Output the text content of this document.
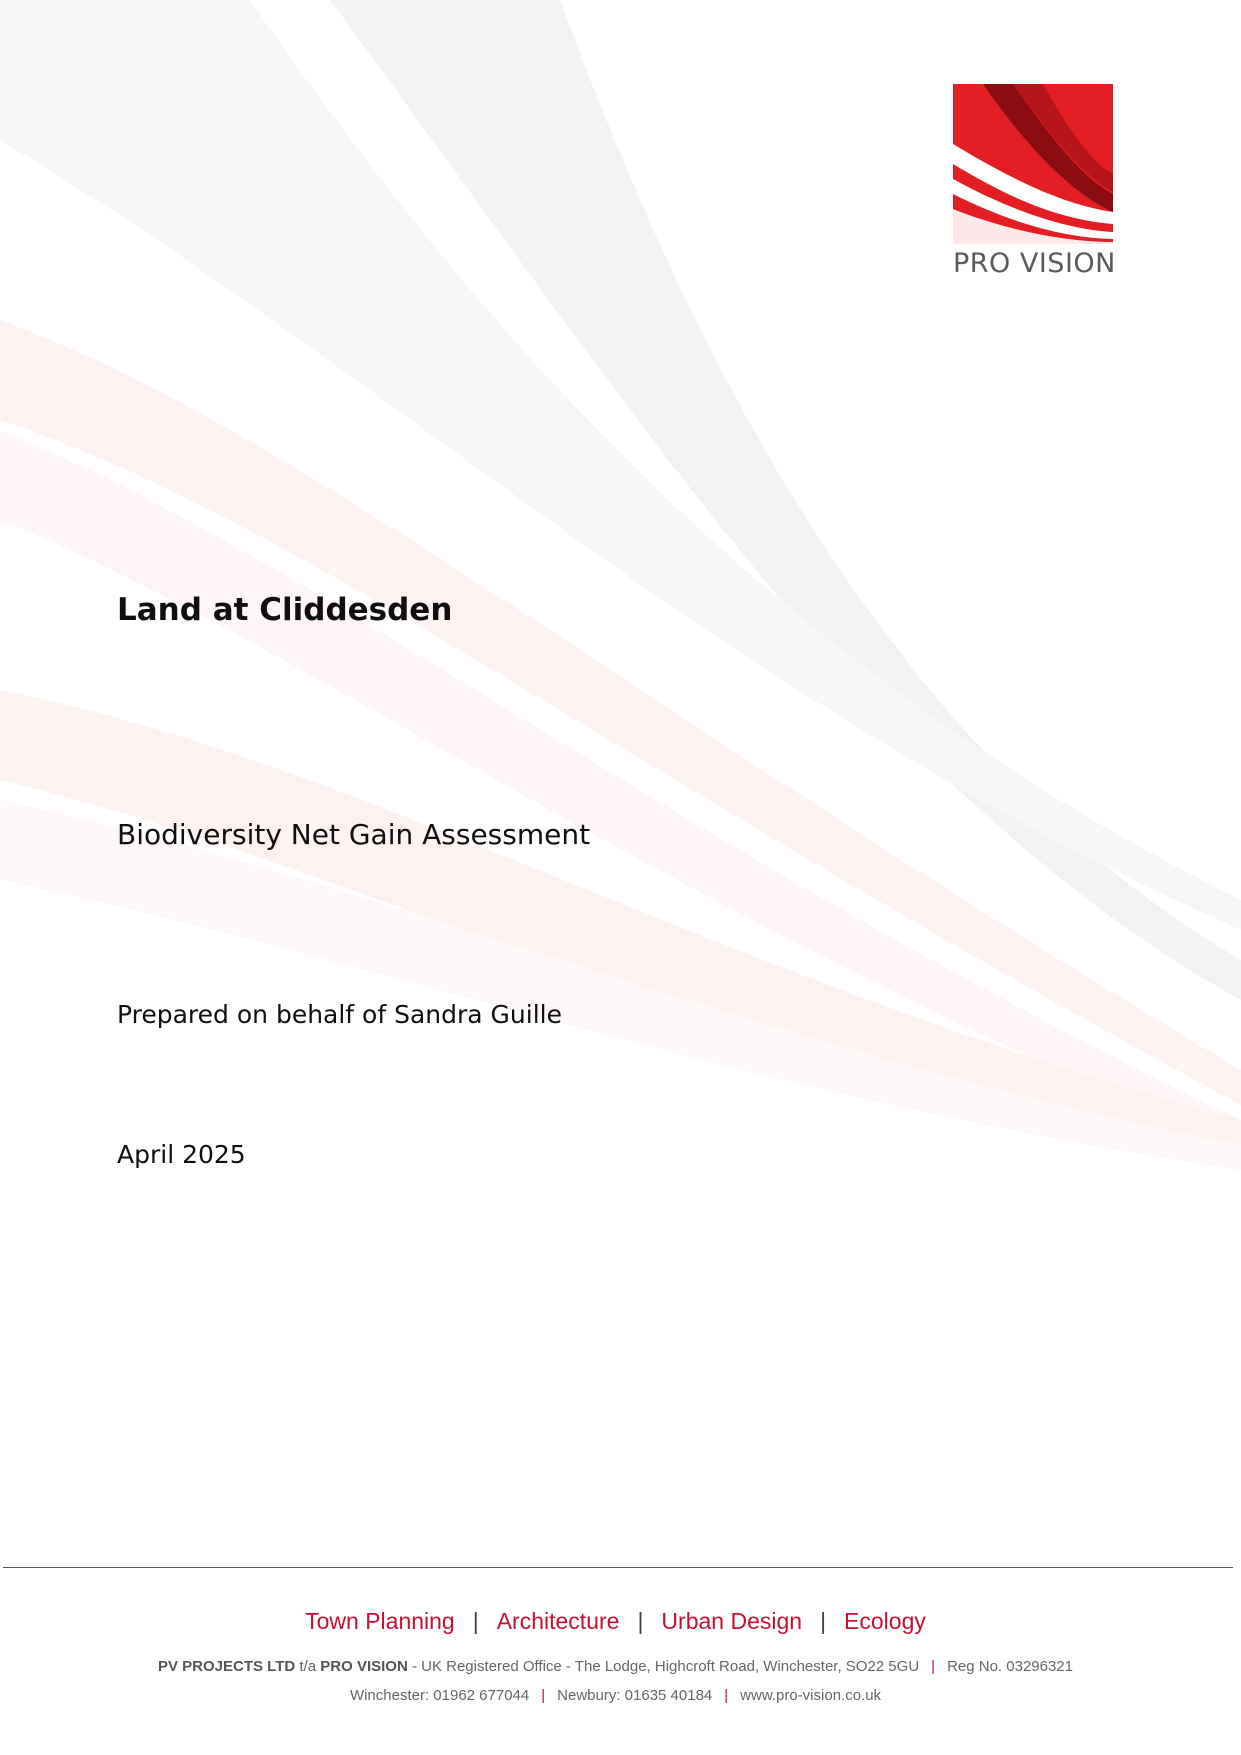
PRO VISION
Land at Cliddesden
Biodiversity Net Gain Assessment
Prepared on behalf of Sandra Guille
April 2025
Town Planning | Architecture | Urban Design | Ecology
PV PROJECTS LTD t/a PRO VISION - UK Registered Office - The Lodge, Highcroft Road, Winchester, SO22 5GU | Reg No. 03296321
Winchester: 01962 677044 | Newbury: 01635 40184 | www.pro-vision.co.uk
